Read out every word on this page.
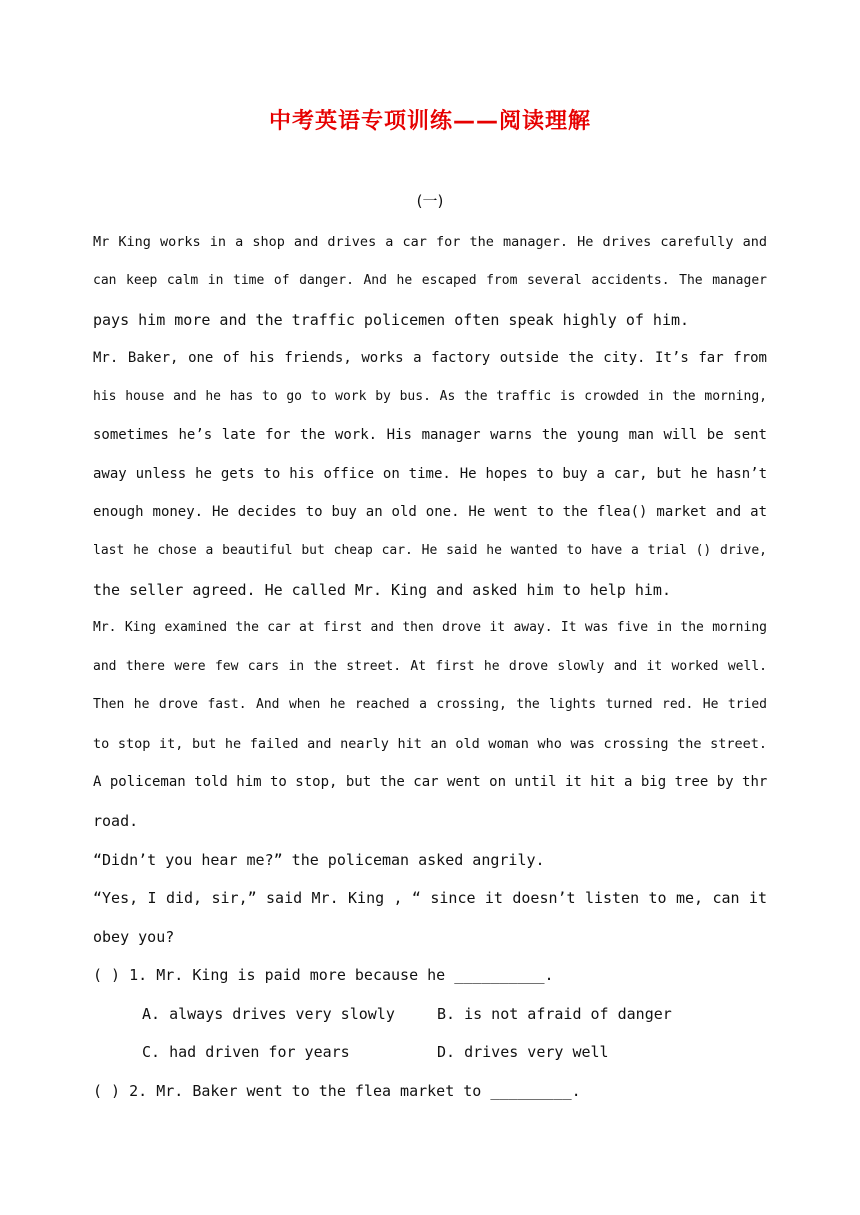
中考英语专项训练——阅读理解
(一)
Mr King works in a shop and drives a car for the manager. He drives carefully and
can keep calm in time of danger. And he escaped from several accidents. The manager
pays him more and the traffic policemen often speak highly of him.
Mr. Baker, one of his friends, works a factory outside the city. It’s far from
his house and he has to go to work by bus. As the traffic is crowded in the morning,
sometimes he’s late for the work. His manager warns the young man will be sent
away unless he gets to his office on time. He hopes to buy a car, but he hasn’t
enough money. He decides to buy an old one. He went to the flea() market and at
last he chose a beautiful but cheap car. He said he wanted to have a trial () drive,
the seller agreed. He called Mr. King and asked him to help him.
Mr. King examined the car at first and then drove it away. It was five in the morning
and there were few cars in the street. At first he drove slowly and it worked well.
Then he drove fast. And when he reached a crossing, the lights turned red. He tried
to stop it, but he failed and nearly hit an old woman who was crossing the street.
A policeman told him to stop, but the car went on until it hit a big tree by thr
road.
“Didn’t you hear me?” the policeman asked angrily.
“Yes, I did, sir,” said Mr. King , “ since it doesn’t listen to me, can it
obey you?
( ) 1. Mr. King is paid more because he __________.
A. always drives very slowly	B. is not afraid of danger
C. had driven for years	D. drives very well
( ) 2. Mr. Baker went to the flea market to _________.
